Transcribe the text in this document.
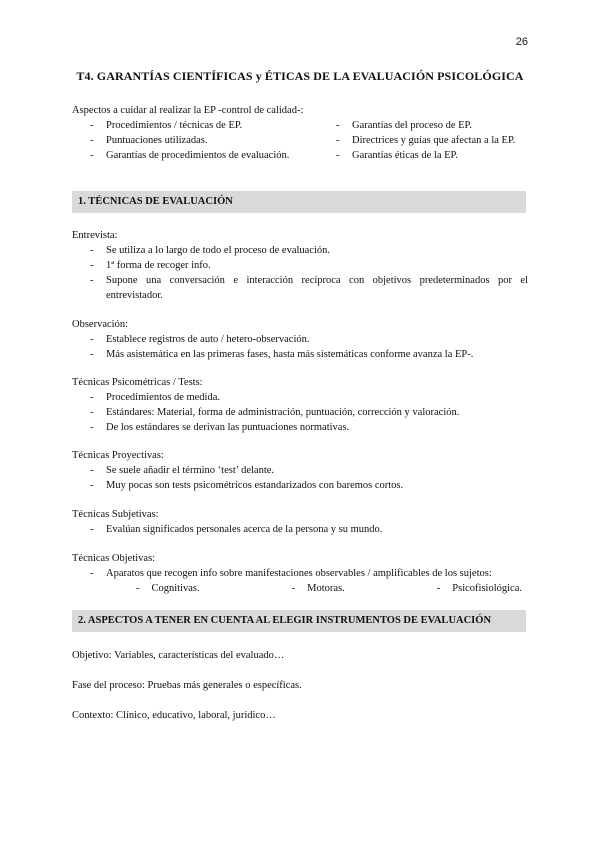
26
T4. GARANTÍAS CIENTÍFICAS y ÉTICAS DE LA EVALUACIÓN PSICOLÓGICA
Aspectos a cuidar al realizar la EP -control de calidad-:
- Procedimientos / técnicas de EP.
- Puntuaciones utilizadas.
- Garantías de procedimientos de evaluación.
- Garantías del proceso de EP.
- Directrices y guías que afectan a la EP.
- Garantías éticas de la EP.
1. TÉCNICAS DE EVALUACIÓN
Entrevista:
- Se utiliza a lo largo de todo el proceso de evaluación.
- 1ª forma de recoger info.
- Supone una conversación e interacción recíproca con objetivos predeterminados por el entrevistador.
Observación:
- Establece registros de auto / hetero-observación.
- Más asistemática en las primeras fases, hasta más sistemáticas conforme avanza la EP-.
Técnicas Psicométricas / Tests:
- Procedimientos de medida.
- Estándares: Material, forma de administración, puntuación, corrección y valoración.
- De los estándares se derivan las puntuaciones normativas.
Técnicas Proyectivas:
- Se suele añadir el término ‘test’ delante.
- Muy pocas son tests psicométricos estandarizados con baremos cortos.
Técnicas Subjetivas:
- Evalúan significados personales acerca de la persona y su mundo.
Técnicas Objetivas:
- Aparatos que recogen info sobre manifestaciones observables / amplificables de los sujetos:
- Cognitivas.	- Motoras.	- Psicofisiológica.
2. ASPECTOS A TENER EN CUENTA AL ELEGIR INSTRUMENTOS DE EVALUACIÓN
Objetivo: Variables, características del evaluado…
Fase del proceso: Pruebas más generales o específicas.
Contexto: Clínico, educativo, laboral, jurídico…
